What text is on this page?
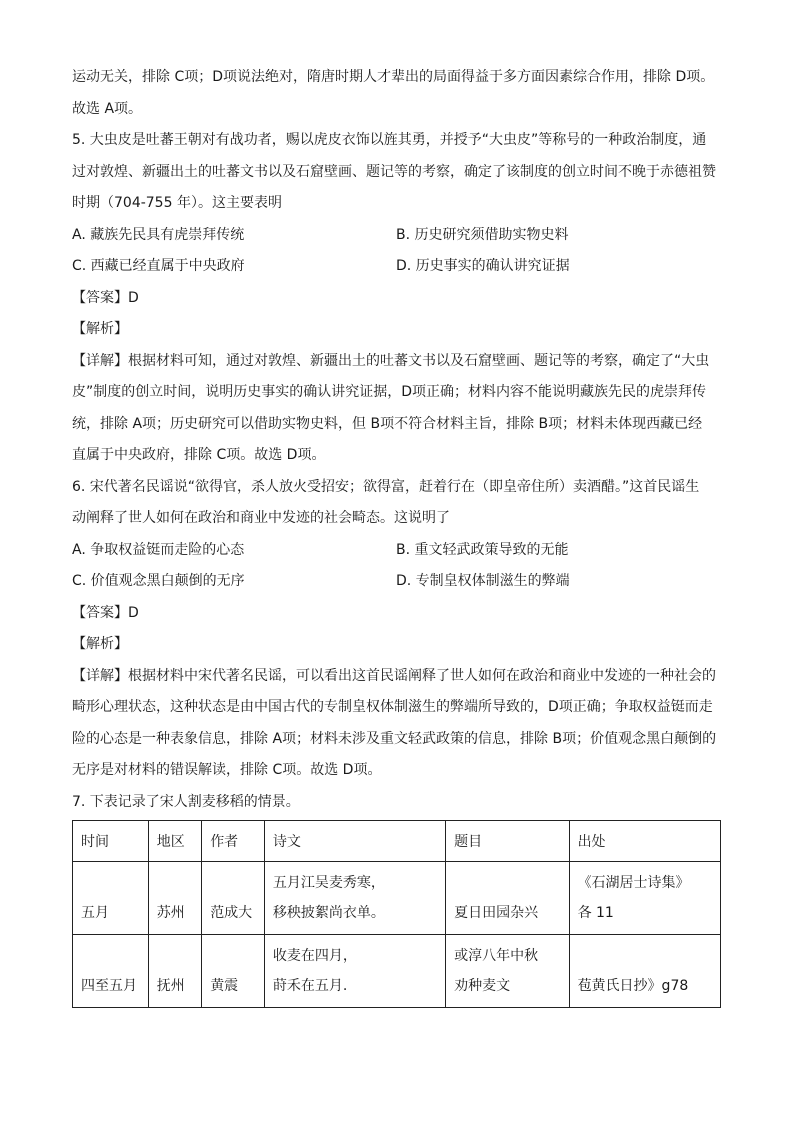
运动无关，排除 C项；D项说法绝对，隋唐时期人才辈出的局面得益于多方面因素综合作用，排除 D项。

故选 A项。

5. 大虫皮是吐蕃王朝对有战功者，赐以虎皮衣饰以旌其勇，并授予“大虫皮”等称号的一种政治制度，通

过对敦煌、新疆出土的吐蕃文书以及石窟壁画、题记等的考察，确定了该制度的创立时间不晚于赤德祖赞

时期（704-755 年）。这主要表明

A. 藏族先民具有虎崇拜传统	B. 历史研究须借助实物史料
C. 西藏已经直属于中央政府	D. 历史事实的确认讲究证据

【答案】D

【解析】

【详解】根据材料可知，通过对敦煌、新疆出土的吐蕃文书以及石窟壁画、题记等的考察，确定了“大虫

皮”制度的创立时间，说明历史事实的确认讲究证据，D项正确；材料内容不能说明藏族先民的虎崇拜传

统，排除 A项；历史研究可以借助实物史料，但 B项不符合材料主旨，排除 B项；材料未体现西藏已经

直属于中央政府，排除 C项。故选 D项。

6. 宋代著名民谣说“欲得官，杀人放火受招安；欲得富，赶着行在（即皇帝住所）卖酒醋。”这首民谣生

动阐释了世人如何在政治和商业中发迹的社会畸态。这说明了

A. 争取权益铤而走险的心态	B. 重文轻武政策导致的无能
C. 价值观念黑白颠倒的无序	D. 专制皇权体制滋生的弊端

【答案】D

【解析】

【详解】根据材料中宋代著名民谣，可以看出这首民谣阐释了世人如何在政治和商业中发迹的一种社会的

畸形心理状态，这种状态是由中国古代的专制皇权体制滋生的弊端所导致的，D项正确；争取权益铤而走

险的心态是一种表象信息，排除 A项；材料未涉及重文轻武政策的信息，排除 B项；价值观念黑白颠倒的

无序是对材料的错误解读，排除 C项。故选 D项。

7. 下表记录了宋人割麦移稻的情景。

时间	地区	作者	诗文	题目	出处

五月	苏州	范成大	五月江吴麦秀寒，
移秧披絮尚衣单。	夏日田园杂兴	《石湖居士诗集》
各 11

四至五月	抚州	黄震	收麦在四月，
莳禾在五月.	或淳八年中秋
劝种麦文	苞黄氏日抄》g78
